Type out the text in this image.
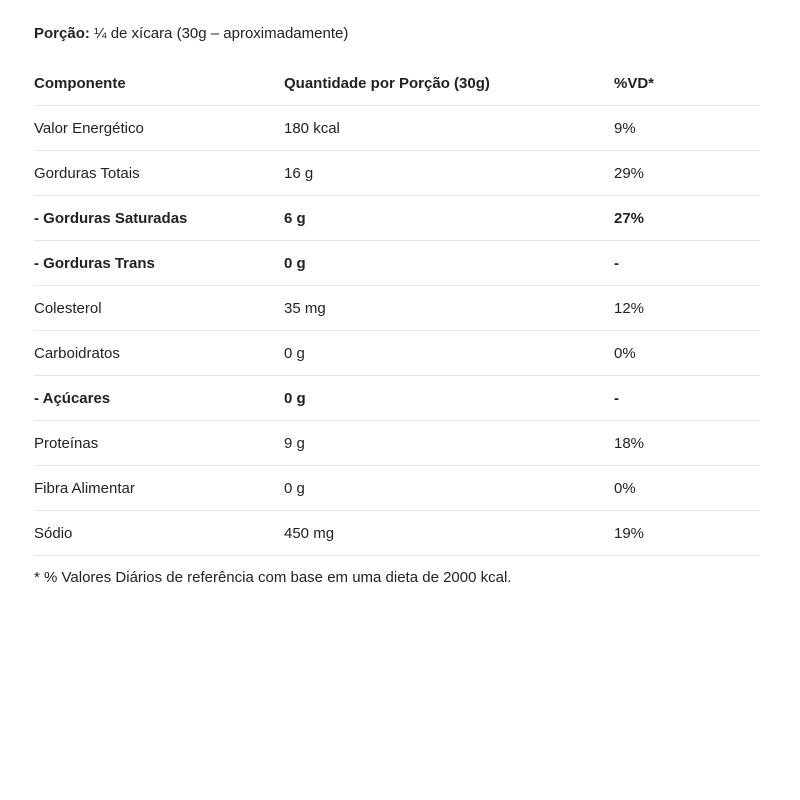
Porção: ¼ de xícara (30g – aproximadamente)
Componente	Quantidade por Porção (30g)	%VD*
Valor Energético	180 kcal	9%
Gorduras Totais	16 g	29%
- Gorduras Saturadas	6 g	27%
- Gorduras Trans	0 g	-
Colesterol	35 mg	12%
Carboidratos	0 g	0%
- Açúcares	0 g	-
Proteínas	9 g	18%
Fibra Alimentar	0 g	0%
Sódio	450 mg	19%
* % Valores Diários de referência com base em uma dieta de 2000 kcal.
